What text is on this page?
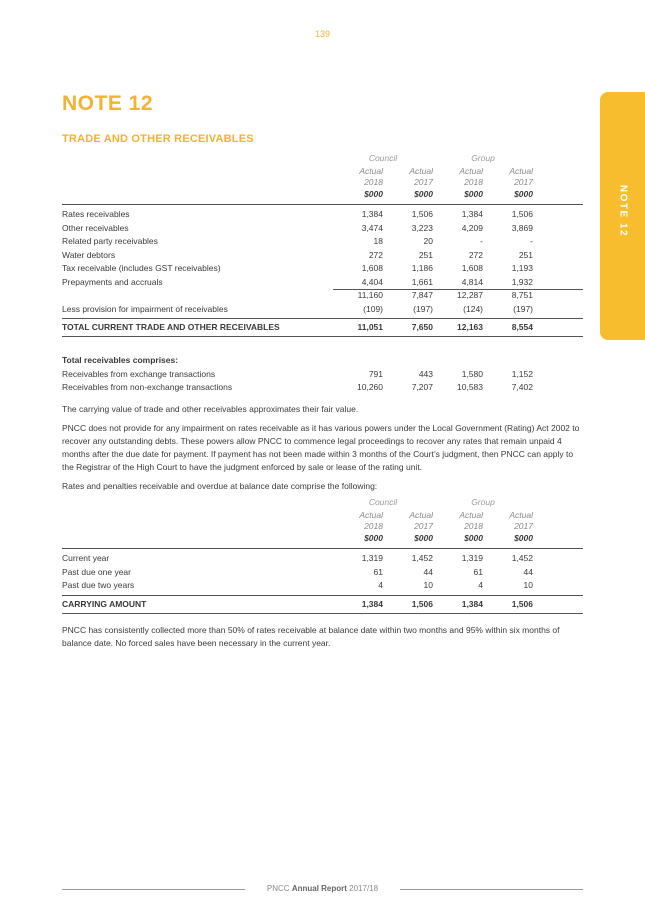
139
NOTE 12
TRADE AND OTHER RECEIVABLES
NOTE 12
Council	Group
Actual	Actual	Actual	Actual
2018	2017	2018	2017
$000	$000	$000	$000
Rates receivables	1,384	1,506	1,384	1,506
Other receivables	3,474	3,223	4,209	3,869
Related party receivables	18	20	-	-
Water debtors	272	251	272	251
Tax receivable (includes GST receivables)	1,608	1,186	1,608	1,193
Prepayments and accruals	4,404	1,661	4,814	1,932
11,160	7,847	12,287	8,751
Less provision for impairment of receivables	(109)	(197)	(124)	(197)
TOTAL CURRENT TRADE AND OTHER RECEIVABLES	11,051	7,650	12,163	8,554
Total receivables comprises:
Receivables from exchange transactions	791	443	1,580	1,152
Receivables from non-exchange transactions	10,260	7,207	10,583	7,402
The carrying value of trade and other receivables approximates their fair value.
PNCC does not provide for any impairment on rates receivable as it has various powers under the Local Government (Rating) Act 2002 to recover any outstanding debts. These powers allow PNCC to commence legal proceedings to recover any rates that remain unpaid 4 months after the due date for payment. If payment has not been made within 3 months of the Court’s judgment, then PNCC can apply to the Registrar of the High Court to have the judgment enforced by sale or lease of the rating unit.
Rates and penalties receivable and overdue at balance date comprise the following:
Council	Group
Actual	Actual	Actual	Actual
2018	2017	2018	2017
$000	$000	$000	$000
Current year	1,319	1,452	1,319	1,452
Past due one year	61	44	61	44
Past due two years	4	10	4	10
CARRYING AMOUNT	1,384	1,506	1,384	1,506
PNCC has consistently collected more than 50% of rates receivable at balance date within two months and 95% within six months of balance date. No forced sales have been necessary in the current year.
PNCC Annual Report 2017/18
